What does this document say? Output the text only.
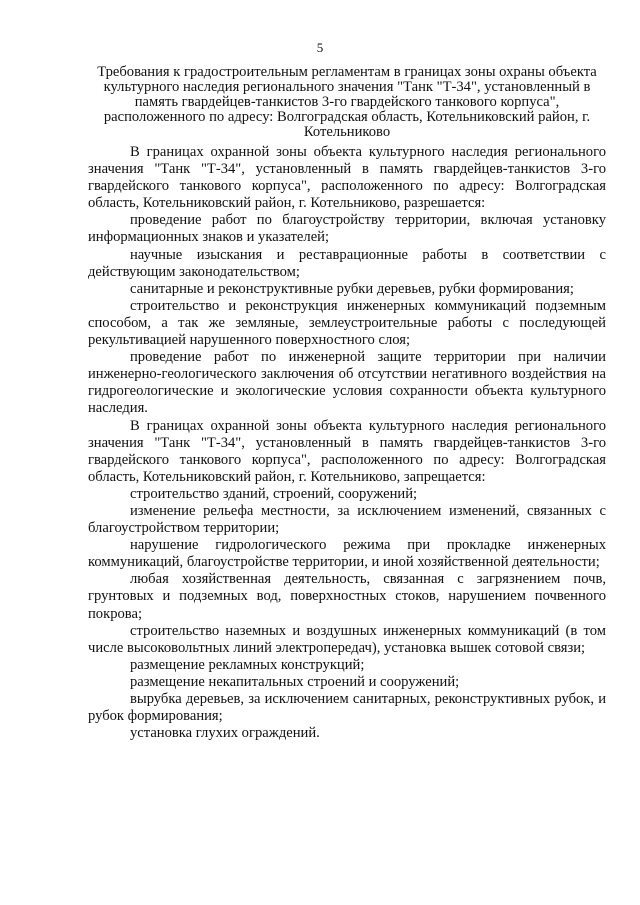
5
Требования к градостроительным регламентам в границах зоны охраны объекта культурного наследия регионального значения "Танк "Т-34", установленный в память гвардейцев-танкистов 3-го гвардейского танкового корпуса", расположенного по адресу: Волгоградская область, Котельниковский район, г. Котельниково

В границах охранной зоны объекта культурного наследия регионального значения "Танк "Т-34", установленный в память гвардейцев-танкистов 3-го гвардейского танкового корпуса", расположенного по адресу: Волгоградская область, Котельниковский район, г. Котельниково, разрешается:

проведение работ по благоустройству территории, включая установку информационных знаков и указателей;

научные изыскания и реставрационные работы в соответствии с действующим законодательством;

санитарные и реконструктивные рубки деревьев, рубки формирования;

строительство и реконструкция инженерных коммуникаций подземным способом, а так же земляные, землеустроительные работы с последующей рекультивацией нарушенного поверхностного слоя;

проведение работ по инженерной защите территории при наличии инженерно-геологического заключения об отсутствии негативного воздействия на гидрогеологические и экологические условия сохранности объекта культурного наследия.

В границах охранной зоны объекта культурного наследия регионального значения "Танк "Т-34", установленный в память гвардейцев-танкистов 3-го гвардейского танкового корпуса", расположенного по адресу: Волгоградская область, Котельниковский район, г. Котельниково, запрещается:

строительство зданий, строений, сооружений;

изменение рельефа местности, за исключением изменений, связанных с благоустройством территории;

нарушение гидрологического режима при прокладке инженерных коммуникаций, благоустройстве территории, и иной хозяйственной деятельности;

любая хозяйственная деятельность, связанная с загрязнением почв, грунтовых и подземных вод, поверхностных стоков, нарушением почвенного покрова;

строительство наземных и воздушных инженерных коммуникаций (в том числе высоковольтных линий электропередач), установка вышек сотовой связи;

размещение рекламных конструкций;

размещение некапитальных строений и сооружений;

вырубка деревьев, за исключением санитарных, реконструктивных рубок, и рубок формирования;

установка глухих ограждений.
